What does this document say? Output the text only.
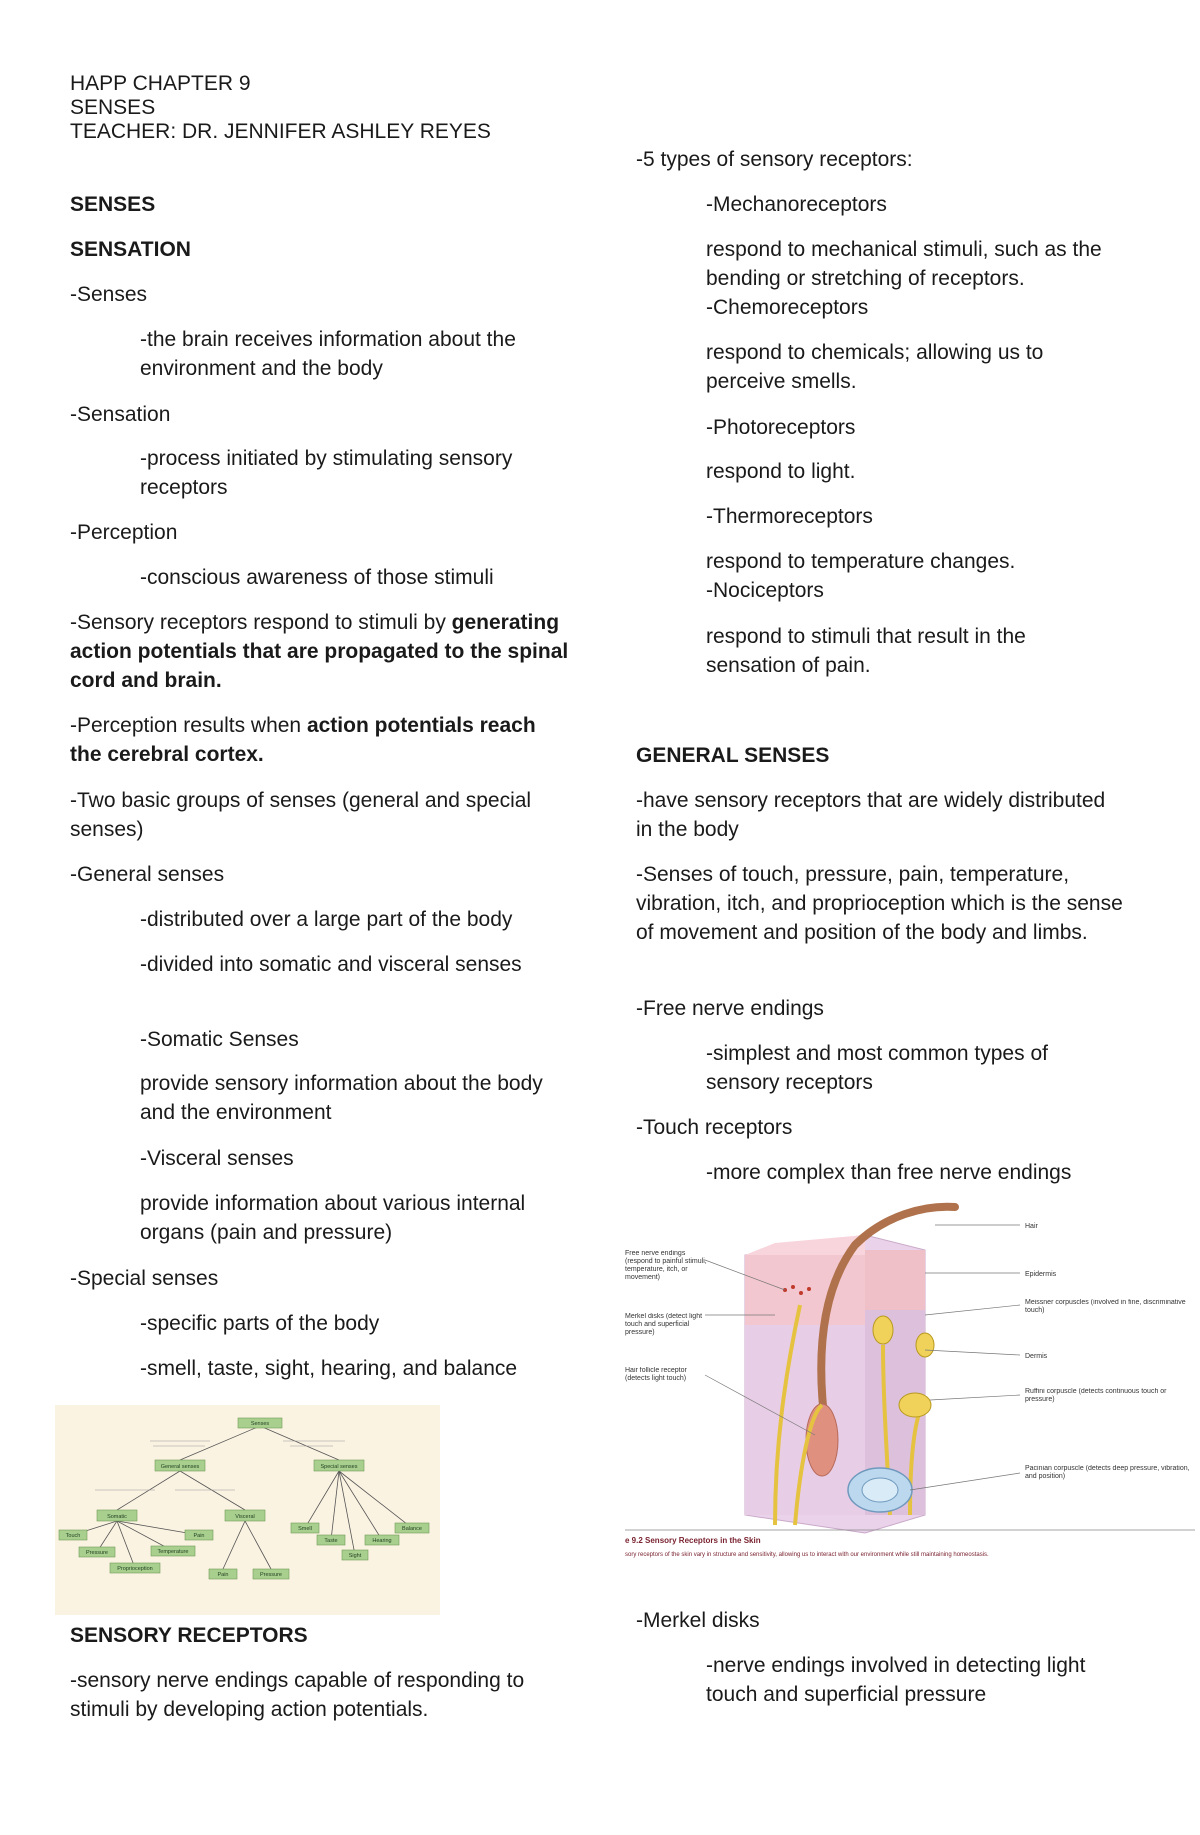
HAPP CHAPTER 9

SENSES

TEACHER: DR. JENNIFER ASHLEY REYES

SENSES

SENSATION

-Senses

-the brain receives information about the environment and the body

-Sensation

-process initiated by stimulating sensory receptors

-Perception

-conscious awareness of those stimuli

-Sensory receptors respond to stimuli by generating action potentials that are propagated to the spinal cord and brain.

-Perception results when action potentials reach the cerebral cortex.

-Two basic groups of senses (general and special senses)

-General senses

-distributed over a large part of the body

-divided into somatic and visceral senses

-Somatic Senses

provide sensory information about the body and the environment

-Visceral senses

provide information about various internal organs (pain and pressure)

-Special senses

-specific parts of the body

-smell, taste, sight, hearing, and balance

Senses
General senses	Special senses
Somatic	Visceral
Touch	Pain
Pressure	Temperature
Proprioception
Pain	Pressure
Smell
Taste
Sight
Hearing
Balance

SENSORY RECEPTORS

-sensory nerve endings capable of responding to stimuli by developing action potentials.

-5 types of sensory receptors:

-Mechanoreceptors

respond to mechanical stimuli, such as the bending or stretching of receptors.

-Chemoreceptors

respond to chemicals; allowing us to perceive smells.

-Photoreceptors

respond to light.

-Thermoreceptors

respond to temperature changes.

-Nociceptors

respond to stimuli that result in the sensation of pain.

GENERAL SENSES

-have sensory receptors that are widely distributed in the body

-Senses of touch, pressure, pain, temperature, vibration, itch, and proprioception which is the sense of movement and position of the body and limbs.

-Free nerve endings

-simplest and most common types of sensory receptors

-Touch receptors

-more complex than free nerve endings

Free nerve endings (respond to painful stimuli, temperature, itch, or movement)
Merkel disks (detect light touch and superficial pressure)
Hair follicle receptor (detects light touch)
Hair
Epidermis
Meissner corpuscles (involved in fine, discriminative touch)
Dermis
Ruffini corpuscle (detects continuous touch or pressure)
Pacinian corpuscle (detects deep pressure, vibration, and position)
e 9.2 Sensory Receptors in the Skin
sory receptors of the skin vary in structure and sensitivity, allowing us to interact with our environment while still maintaining homeostasis.

-Merkel disks

-nerve endings involved in detecting light touch and superficial pressure
